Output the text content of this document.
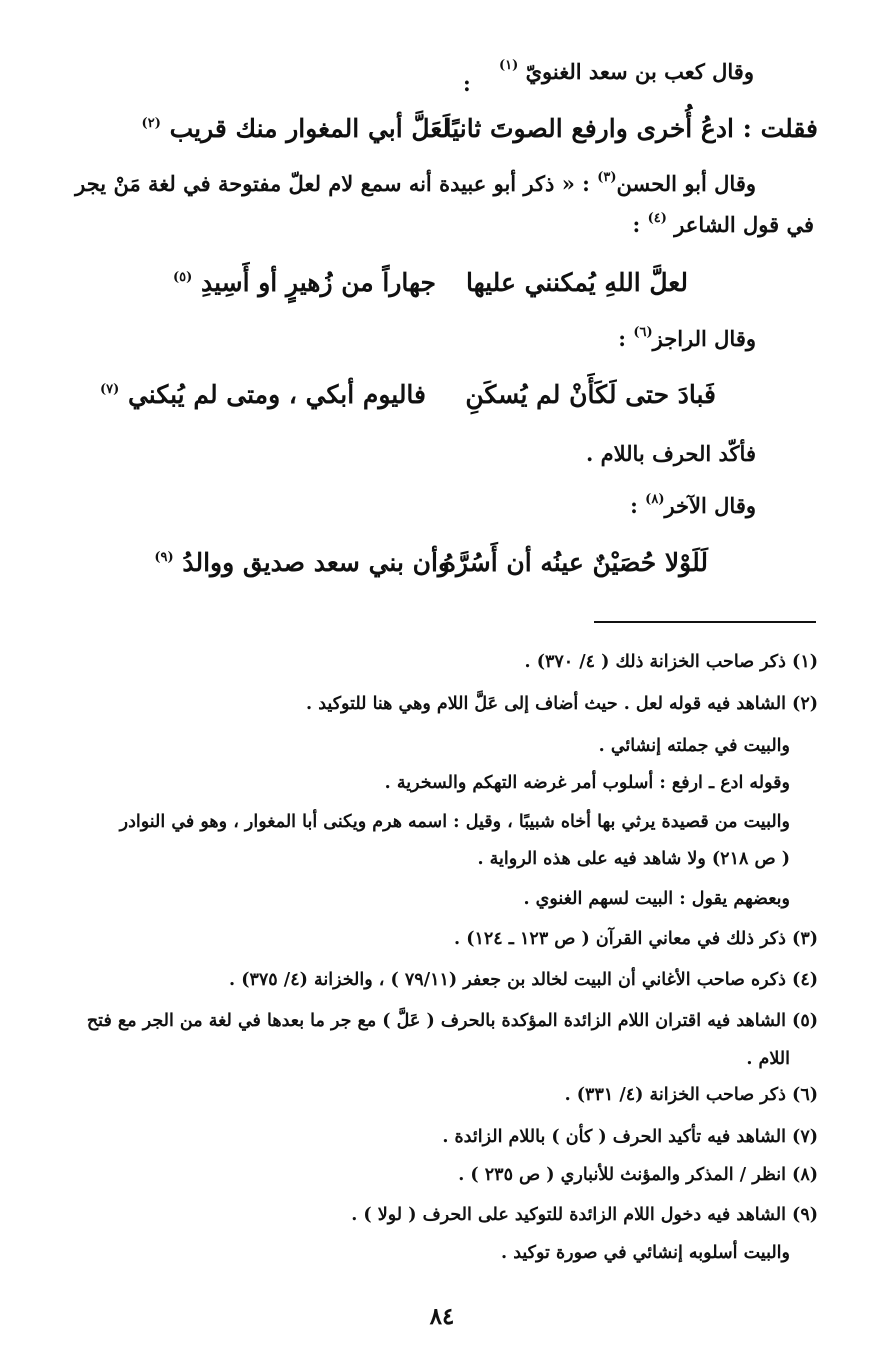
وقال كعب بن سعد الغنويّ $^{(١)}$
:
فقلت : ادعُ أُخرى وارفع الصوتَ ثانيًا
لَعَلَّ أبي المغوار منك قريب $^{(٢)}$
وقال أبو الحسن$^{(٣)}$ : « ذكر أبو عبيدة أنه سمع لام لعلّ مفتوحة في لغة مَنْ يجر
في قول الشاعر $^{(٤)}$ :
لعلَّ اللهِ يُمكنني عليها
جهاراً من زُهيرٍ أو أَسِيدِ $^{(٥)}$
وقال الراجز$^{(٦)}$ :
فَبادَ حتى لَكَأَنْ لم يُسكَنِ
فاليوم أبكي ، ومتى لم يُبكني $^{(٧)}$
فأكّد الحرف باللام .
وقال الآخر$^{(٨)}$ :
لَلَوْلا حُصَيْنٌ عينُه أن أَسُرَّهُ
وأن بني سعد صديق ووالدُ $^{(٩)}$
(١) ذكر صاحب الخزانة ذلك ( ٤/ ٣٧٠) .
(٢) الشاهد فيه قوله لعل . حيث أضاف إلى عَلَّ اللام وهي هنا للتوكيد .
والبيت في جملته إنشائي .
وقوله ادع ـ ارفع : أسلوب أمر غرضه التهكم والسخرية .
والبيت من قصيدة يرثي بها أخاه شبيبًا ، وقيل : اسمه هرم ويكنى أبا المغوار ، وهو في النوادر
( ص ٢١٨) ولا شاهد فيه على هذه الرواية .
وبعضهم يقول : البيت لسهم الغنوي .
(٣) ذكر ذلك في معاني القرآن ( ص ١٢٣ ـ ١٢٤) .
(٤) ذكره صاحب الأغاني أن البيت لخالد بن جعفر (٧٩/١١ ) ، والخزانة (٤/ ٣٧٥) .
(٥) الشاهد فيه اقتران اللام الزائدة المؤكدة بالحرف ( عَلَّ ) مع جر ما بعدها في لغة من الجر مع فتح
اللام .
(٦) ذكر صاحب الخزانة (٤/ ٣٣١) .
(٧) الشاهد فيه تأكيد الحرف ( كأن ) باللام الزائدة .
(٨) انظر / المذكر والمؤنث للأنباري ( ص ٢٣٥ ) .
(٩) الشاهد فيه دخول اللام الزائدة للتوكيد على الحرف ( لولا ) .
والبيت أسلوبه إنشائي في صورة توكيد .
٨٤
